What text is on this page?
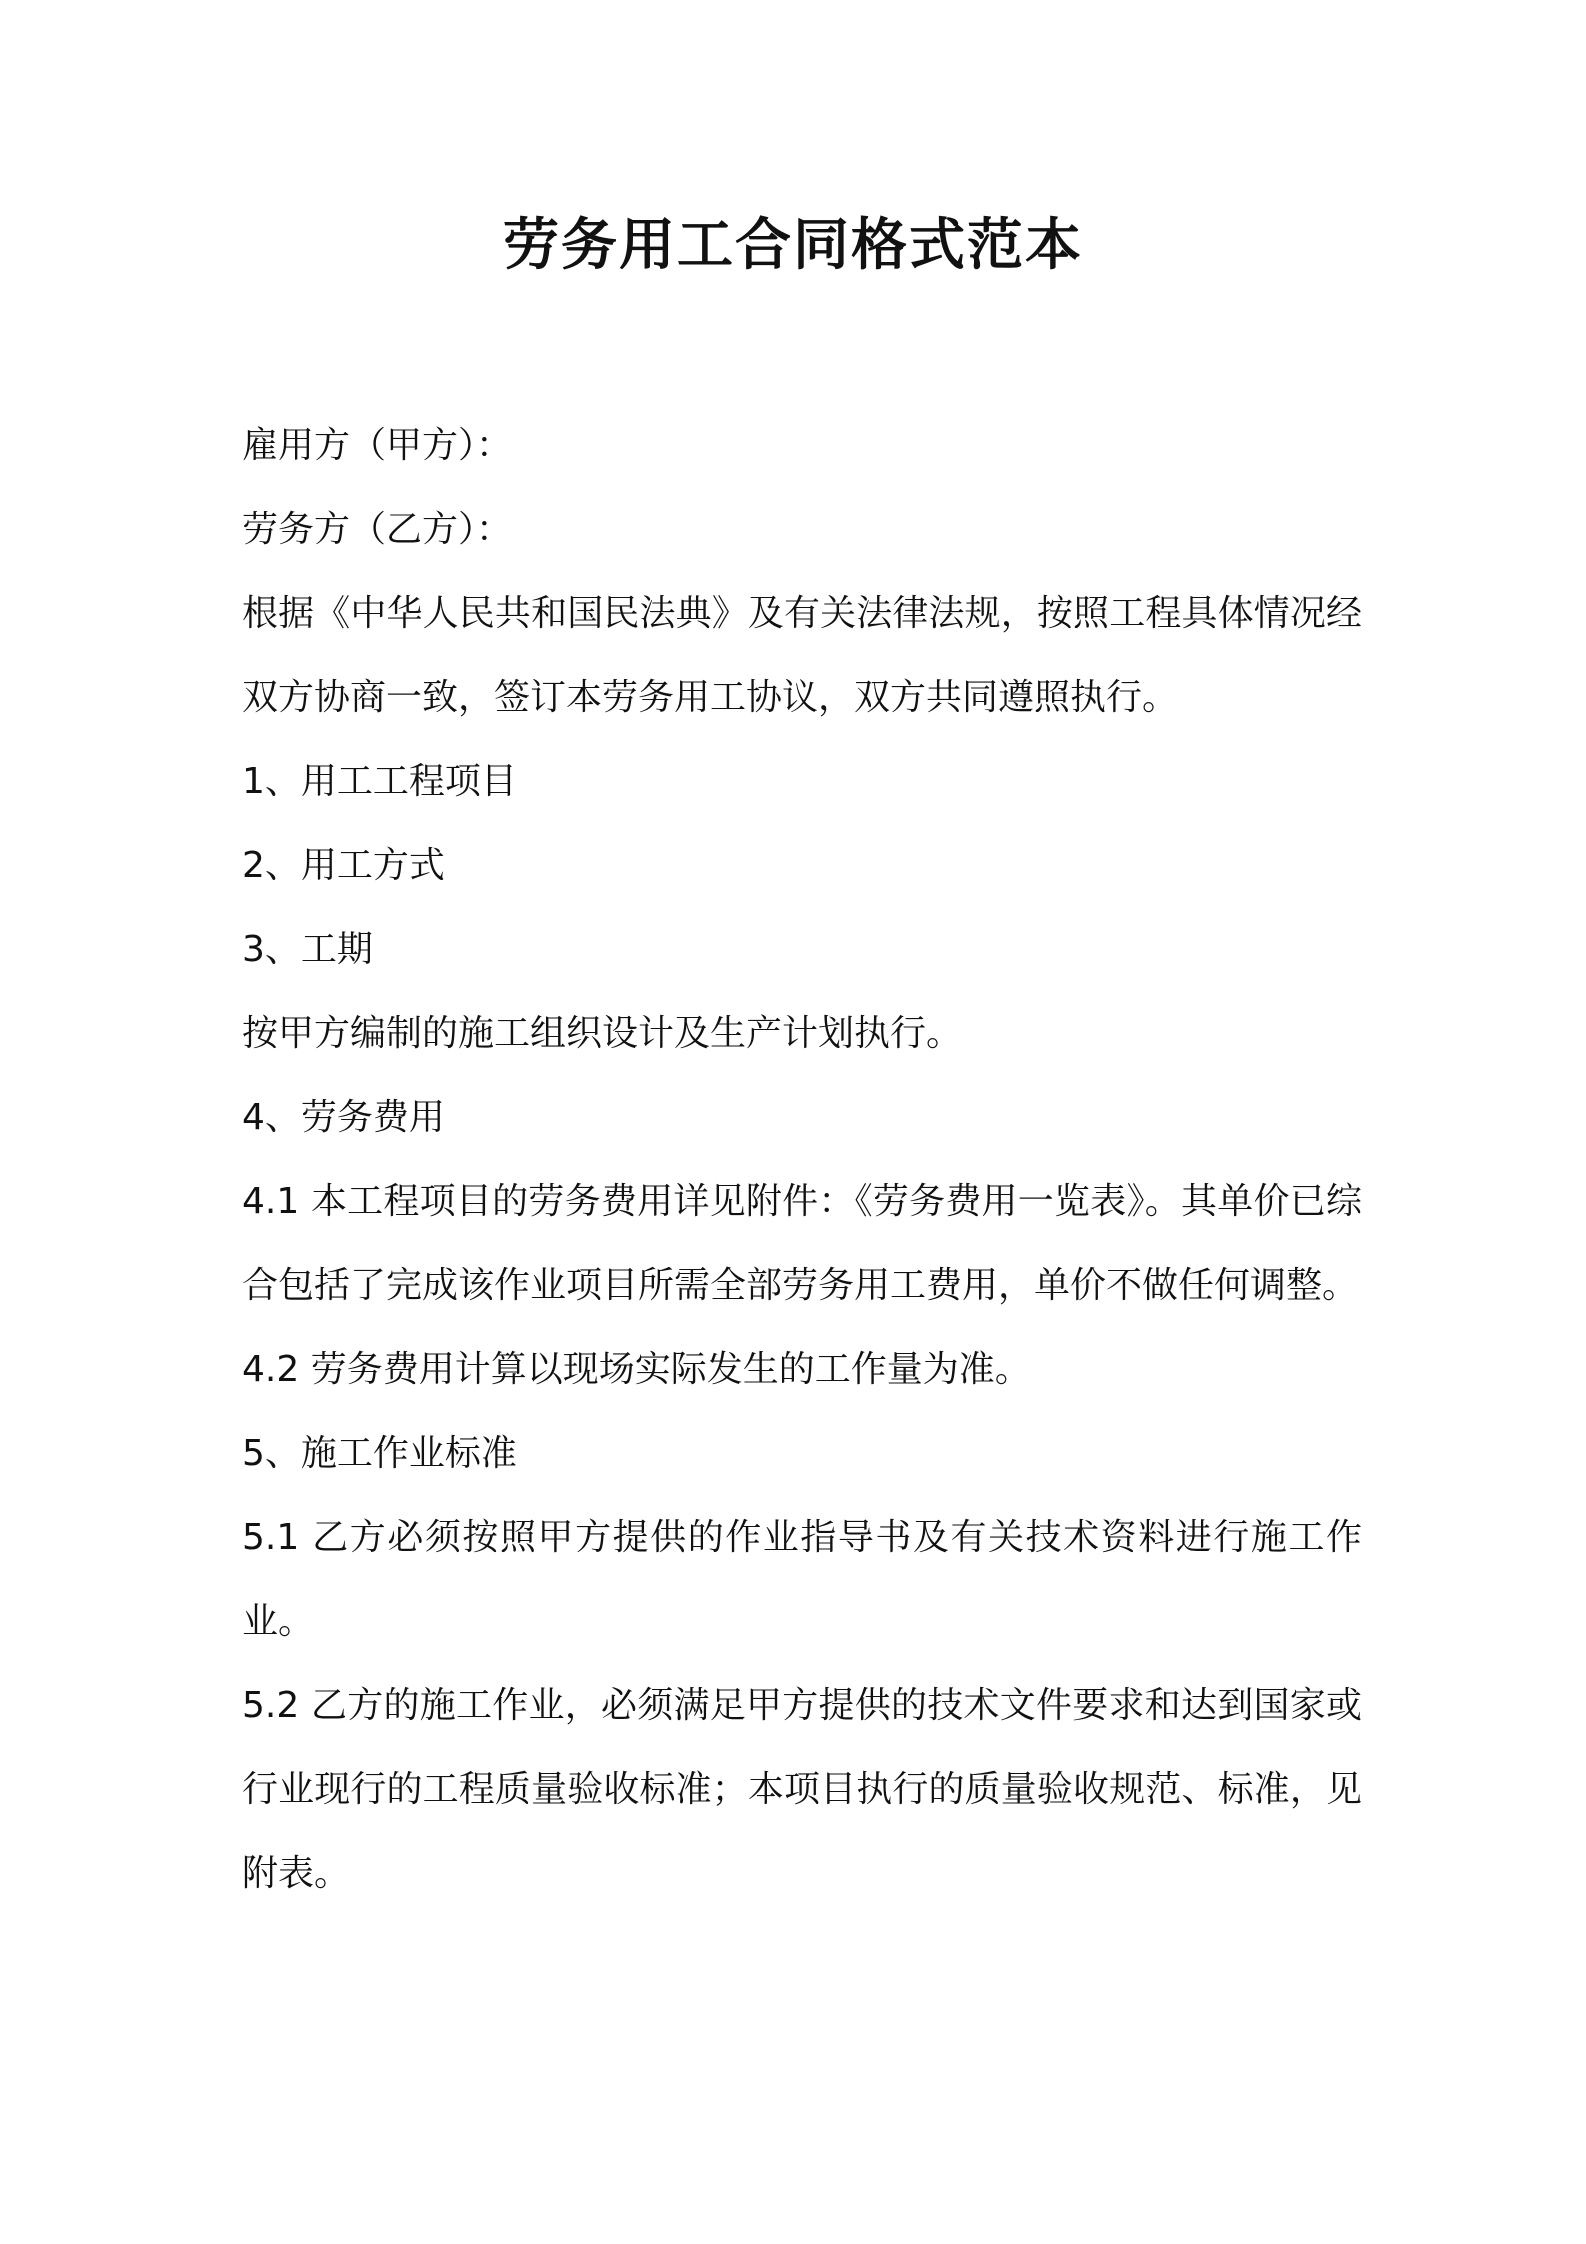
劳务用工合同格式范本

雇用方（甲方）：

劳务方（乙方）：

根据《中华人民共和国民法典》及有关法律法规，按照工程具体情况经双方协商一致，签订本劳务用工协议，双方共同遵照执行。

1、用工工程项目

2、用工方式

3、工期

按甲方编制的施工组织设计及生产计划执行。

4、劳务费用

4.1 本工程项目的劳务费用详见附件：《劳务费用一览表》。其单价已综合包括了完成该作业项目所需全部劳务用工费用，单价不做任何调整。

4.2 劳务费用计算以现场实际发生的工作量为准。

5、施工作业标准

5.1 乙方必须按照甲方提供的作业指导书及有关技术资料进行施工作业。

5.2 乙方的施工作业，必须满足甲方提供的技术文件要求和达到国家或行业现行的工程质量验收标准；本项目执行的质量验收规范、标准，见附表。
